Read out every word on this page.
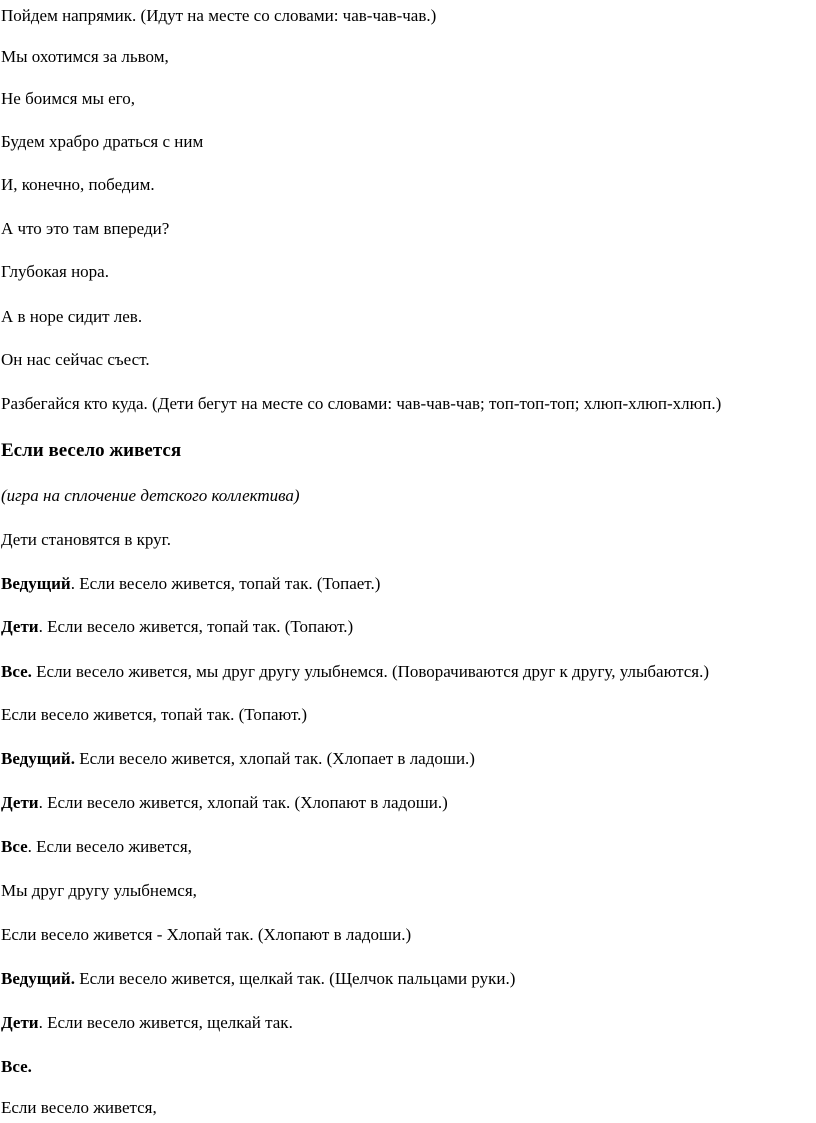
Пойдем напрямик. (Идут на месте со словами: чав-чав-чав.)
Мы охотимся за львом,
Не боимся мы его,
Будем храбро драться с ним
И, конечно, победим.
А что это там впереди?
Глубокая нора.
А в норе сидит лев.
Он нас сейчас съест.
Разбегайся кто куда. (Дети бегут на месте со словами: чав-чав-чав; топ-топ-топ; хлюп-хлюп-хлюп.)
Если весело живется
(игра на сплочение детского коллектива)
Дети становятся в круг.
Ведущий. Если весело живется, топай так. (Топает.)
Дети. Если весело живется, топай так. (Топают.)
Все. Если весело живется, мы друг другу улыбнемся. (Поворачиваются друг к другу, улыбаются.)
Если весело живется, топай так. (Топают.)
Ведущий. Если весело живется, хлопай так. (Хлопает в ладоши.)
Дети. Если весело живется, хлопай так. (Хлопают в ладоши.)
Все. Если весело живется,
Мы друг другу улыбнемся,
Если весело живется - Хлопай так. (Хлопают в ладоши.)
Ведущий. Если весело живется, щелкай так. (Щелчок пальцами руки.)
Дети. Если весело живется, щелкай так.
Все.
Если весело живется,
